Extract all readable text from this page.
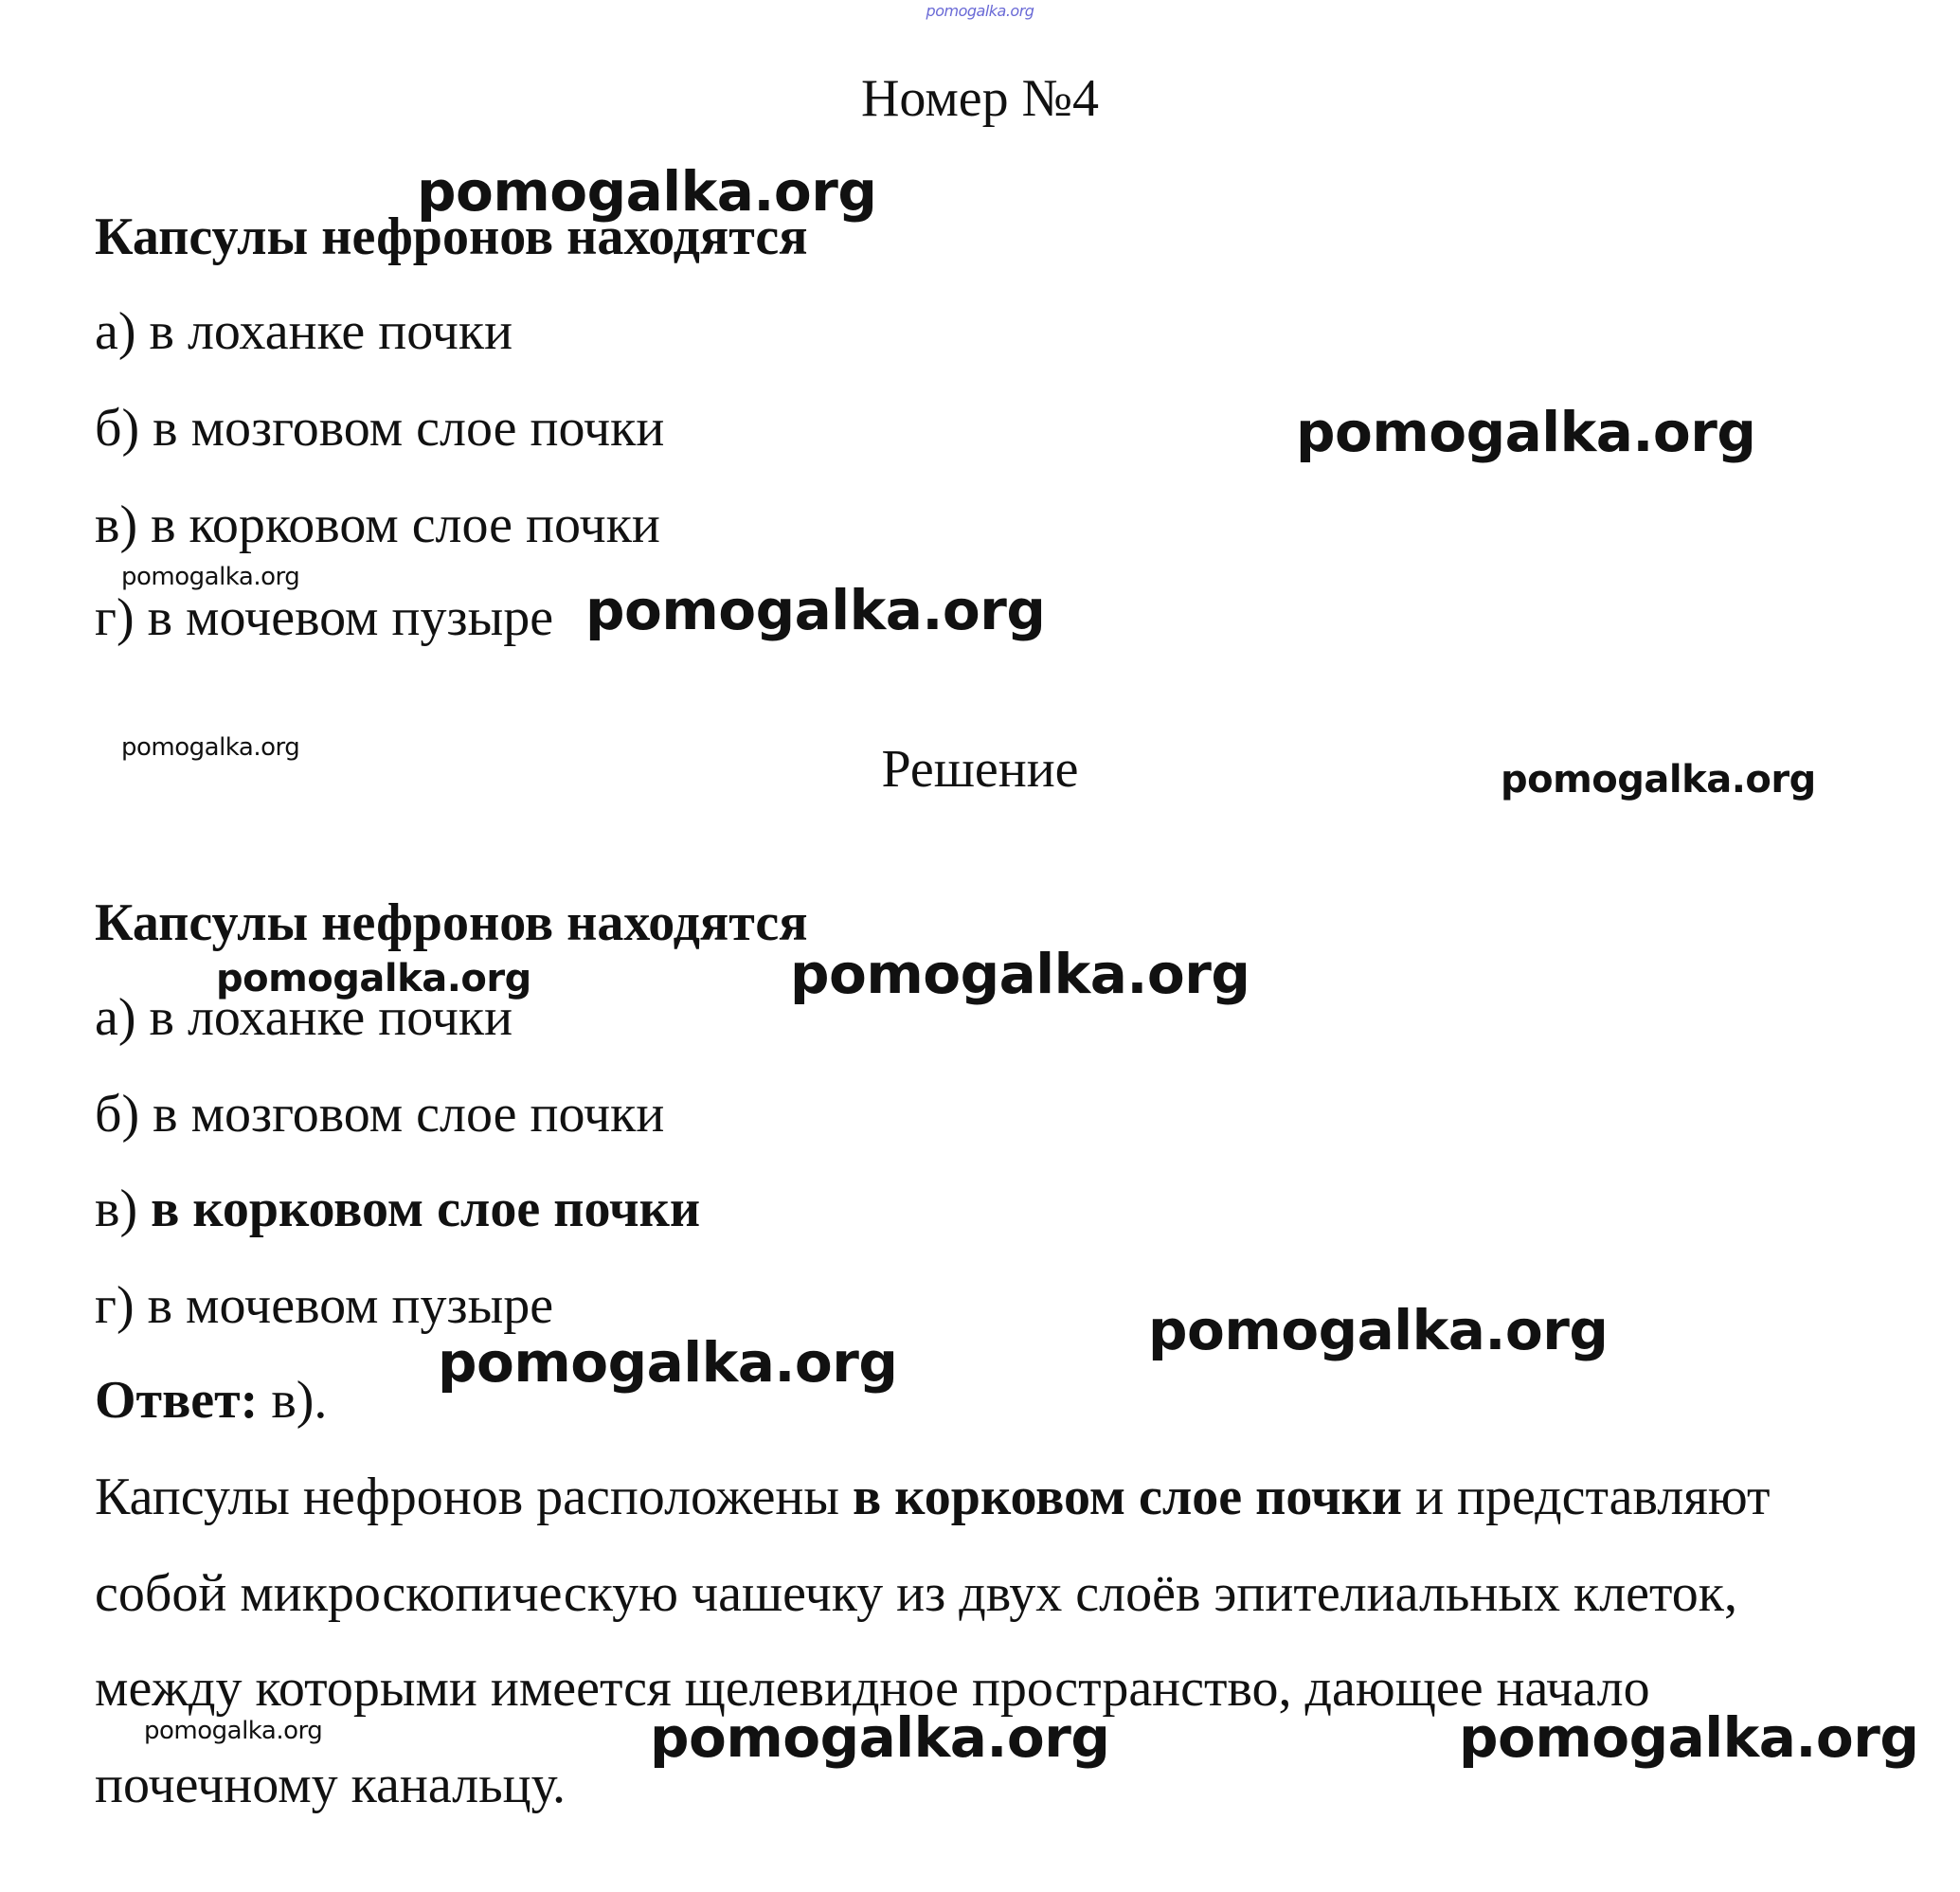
pomogalka.org
Номер №4
Капсулы нефронов находятся
а) в лоханке почки
б) в мозговом слое почки
в) в корковом слое почки
г) в мочевом пузыре
Решение
Капсулы нефронов находятся
а) в лоханке почки
б) в мозговом слое почки
в) в корковом слое почки
г) в мочевом пузыре
Ответ: в).
Капсулы нефронов расположены в корковом слое почки и представляют
собой микроскопическую чашечку из двух слоёв эпителиальных клеток,
между которыми имеется щелевидное пространство, дающее начало
почечному канальцу.
pomogalka.org
pomogalka.org
pomogalka.org
pomogalka.org
pomogalka.org
pomogalka.org
pomogalka.org	pomogalka.org
pomogalka.org
pomogalka.org
pomogalka.org	pomogalka.org	pomogalka.org
